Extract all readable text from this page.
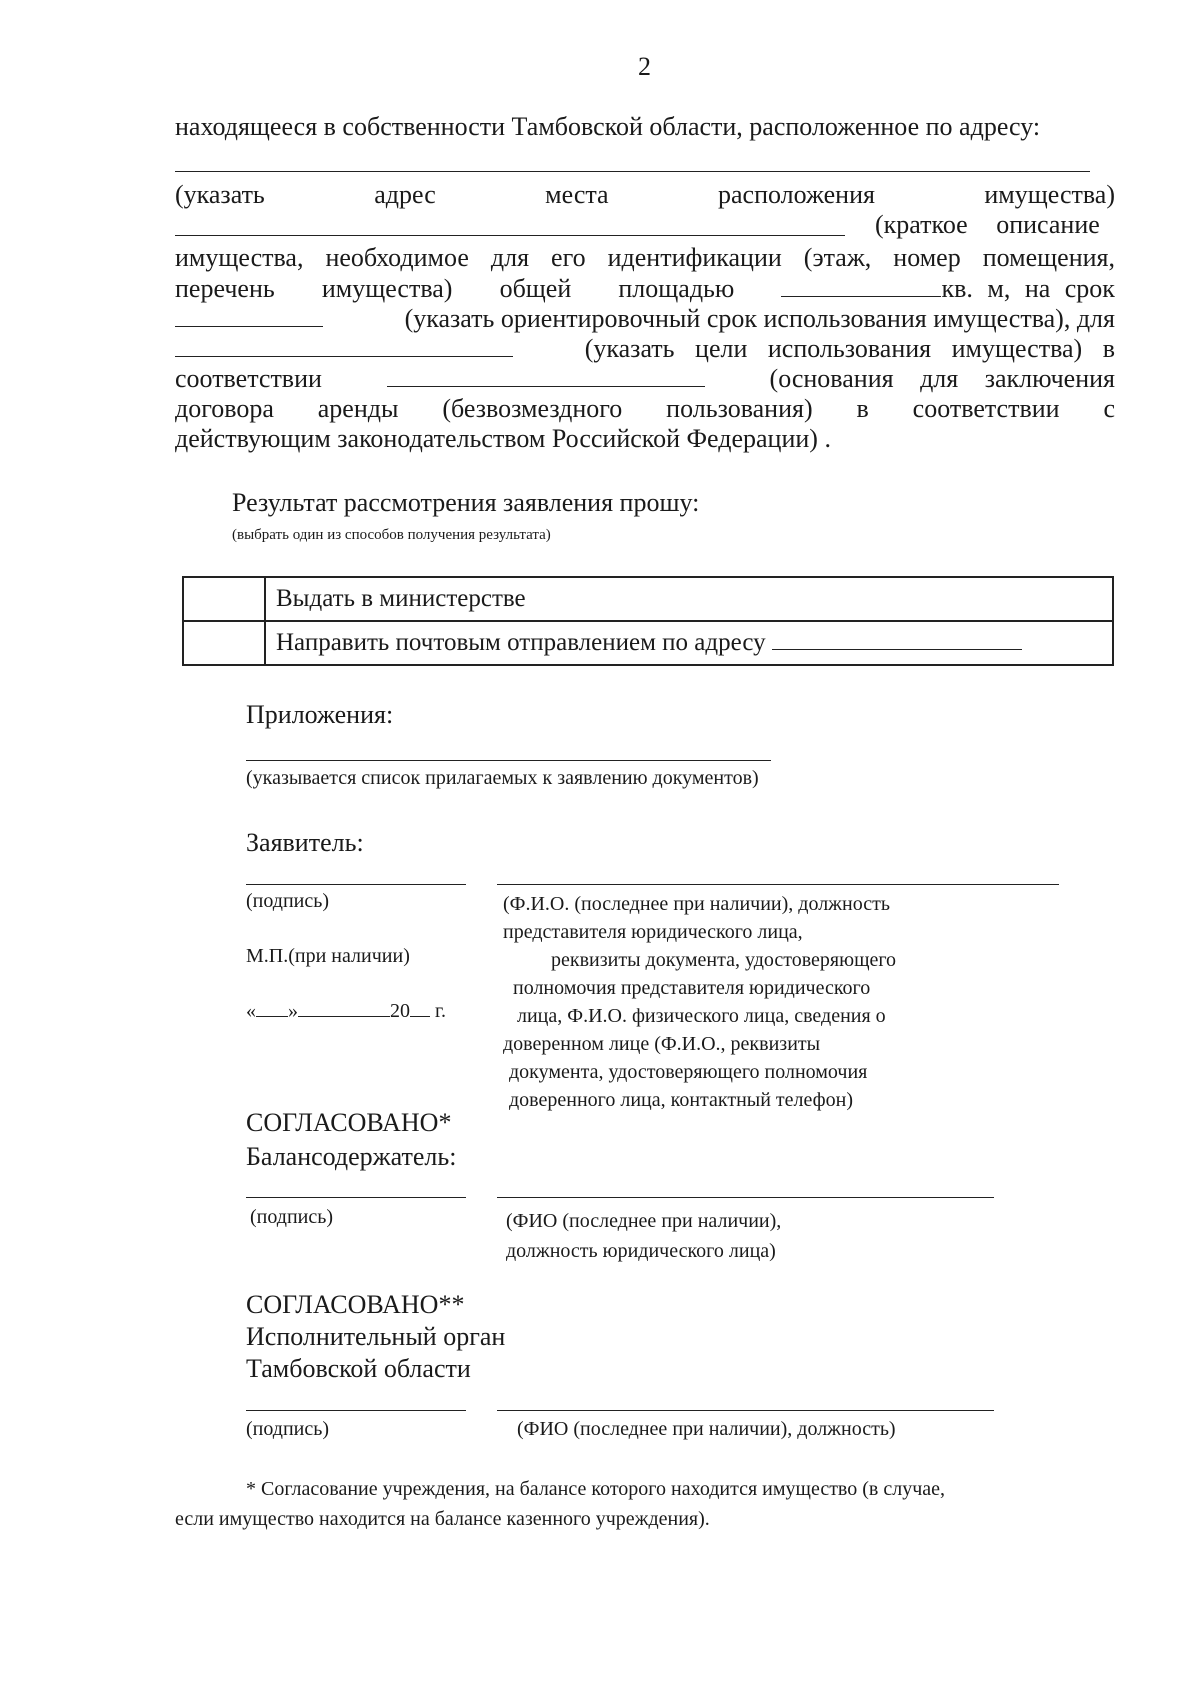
2
находящееся в собственности Тамбовской области, расположенное по адресу:
(указать	адрес	места	расположения	имущества)
(краткое описание
имущества, необходимое для его идентификации (этаж, номер помещения,
перечень имущества) общей площадью	кв. м, на срок
(указать ориентировочный срок использования имущества), для
(указать цели использования имущества) в
соответствии	(основания для заключения
договора аренды (безвозмездного пользования) в соответствии с
действующим законодательством Российской Федерации) .
Результат рассмотрения заявления прошу:
(выбрать один из способов получения результата)
	Выдать в министерстве
	Направить почтовым отправлением по адресу
Приложения:
(указывается список прилагаемых к заявлению документов)
Заявитель:
(подпись)
М.П.(при наличии)
« »	20 г.
(Ф.И.О. (последнее при наличии), должность
представителя юридического лица,
реквизиты документа, удостоверяющего
полномочия представителя юридического
лица, Ф.И.О. физического лица, сведения о
доверенном лице (Ф.И.О., реквизиты
документа, удостоверяющего полномочия
доверенного лица, контактный телефон)
СОГЛАСОВАНО*
Балансодержатель:
(подпись)	(ФИО (последнее при наличии),
должность юридического лица)
СОГЛАСОВАНО**
Исполнительный орган
Тамбовской области
(подпись)	(ФИО (последнее при наличии), должность)
* Согласование учреждения, на балансе которого находится имущество (в случае,
если имущество находится на балансе казенного учреждения).
